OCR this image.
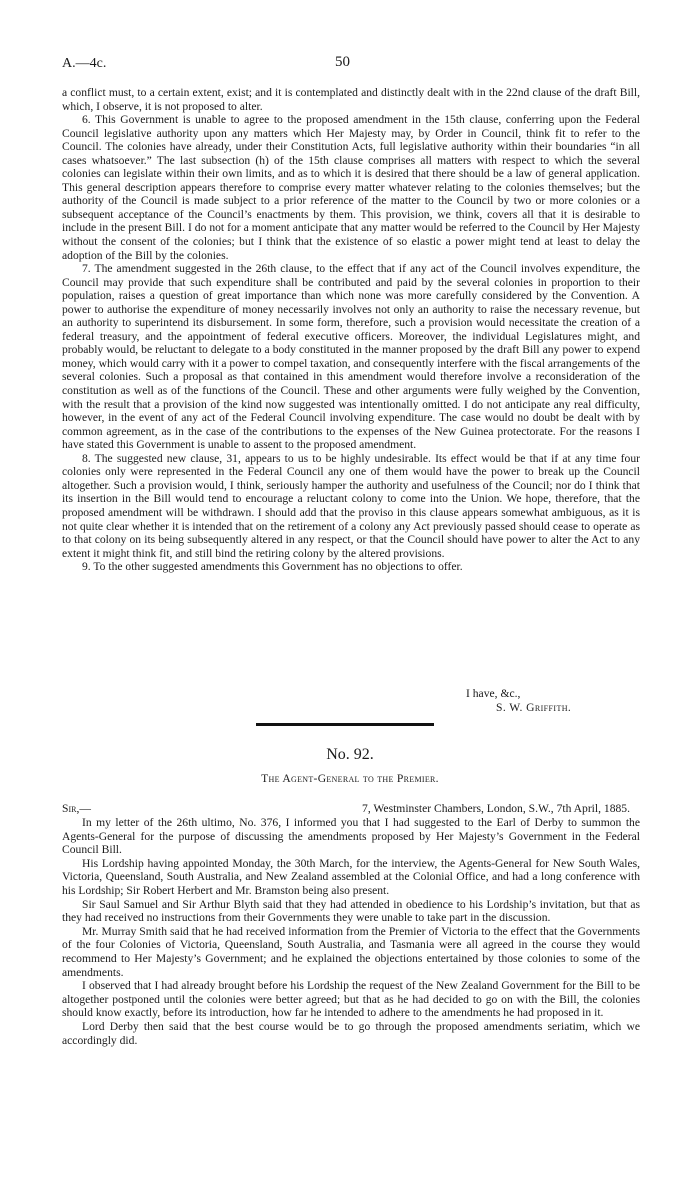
A.—4c.	50

a conflict must, to a certain extent, exist; and it is contemplated and distinctly dealt with in the 22nd clause of the draft Bill, which, I observe, it is not proposed to alter.

6. This Government is unable to agree to the proposed amendment in the 15th clause, conferring upon the Federal Council legislative authority upon any matters which Her Majesty may, by Order in Council, think fit to refer to the Council. The colonies have already, under their Constitution Acts, full legislative authority within their boundaries “in all cases whatsoever.” The last subsection (h) of the 15th clause comprises all matters with respect to which the several colonies can legislate within their own limits, and as to which it is desired that there should be a law of general application. This general description appears therefore to comprise every matter whatever relating to the colonies themselves; but the authority of the Council is made subject to a prior reference of the matter to the Council by two or more colonies or a subsequent acceptance of the Council’s enactments by them. This provision, we think, covers all that it is desirable to include in the present Bill. I do not for a moment anticipate that any matter would be referred to the Council by Her Majesty without the consent of the colonies; but I think that the existence of so elastic a power might tend at least to delay the adoption of the Bill by the colonies.

7. The amendment suggested in the 26th clause, to the effect that if any act of the Council involves expenditure, the Council may provide that such expenditure shall be contributed and paid by the several colonies in proportion to their population, raises a question of great importance than which none was more carefully considered by the Convention. A power to authorise the expenditure of money necessarily involves not only an authority to raise the necessary revenue, but an authority to superintend its disbursement. In some form, therefore, such a provision would necessitate the creation of a federal treasury, and the appointment of federal executive officers. Moreover, the individual Legislatures might, and probably would, be reluctant to delegate to a body constituted in the manner proposed by the draft Bill any power to expend money, which would carry with it a power to compel taxation, and consequently interfere with the fiscal arrangements of the several colonies. Such a proposal as that contained in this amendment would therefore involve a reconsideration of the constitution as well as of the functions of the Council. These and other arguments were fully weighed by the Convention, with the result that a provision of the kind now suggested was intentionally omitted. I do not anticipate any real difficulty, however, in the event of any act of the Federal Council involving expenditure. The case would no doubt be dealt with by common agreement, as in the case of the contributions to the expenses of the New Guinea protectorate. For the reasons I have stated this Government is unable to assent to the proposed amendment.

8. The suggested new clause, 31, appears to us to be highly undesirable. Its effect would be that if at any time four colonies only were represented in the Federal Council any one of them would have the power to break up the Council altogether. Such a provision would, I think, seriously hamper the authority and usefulness of the Council; nor do I think that its insertion in the Bill would tend to encourage a reluctant colony to come into the Union. We hope, therefore, that the proposed amendment will be withdrawn. I should add that the proviso in this clause appears somewhat ambiguous, as it is not quite clear whether it is intended that on the retirement of a colony any Act previously passed should cease to operate as to that colony on its being subsequently altered in any respect, or that the Council should have power to alter the Act to any extent it might think fit, and still bind the retiring colony by the altered provisions.

9. To the other suggested amendments this Government has no objections to offer.

I have, &c.,
S. W. Griffith.
No. 92.
The Agent-General to the Premier.
Sir,—	7, Westminster Chambers, London, S.W., 7th April, 1885.

In my letter of the 26th ultimo, No. 376, I informed you that I had suggested to the Earl of Derby to summon the Agents-General for the purpose of discussing the amendments proposed by Her Majesty’s Government in the Federal Council Bill.

His Lordship having appointed Monday, the 30th March, for the interview, the Agents-General for New South Wales, Victoria, Queensland, South Australia, and New Zealand assembled at the Colonial Office, and had a long conference with his Lordship; Sir Robert Herbert and Mr. Bramston being also present.

Sir Saul Samuel and Sir Arthur Blyth said that they had attended in obedience to his Lordship’s invitation, but that as they had received no instructions from their Governments they were unable to take part in the discussion.

Mr. Murray Smith said that he had received information from the Premier of Victoria to the effect that the Governments of the four Colonies of Victoria, Queensland, South Australia, and Tasmania were all agreed in the course they would recommend to Her Majesty’s Government; and he explained the objections entertained by those colonies to some of the amendments.

I observed that I had already brought before his Lordship the request of the New Zealand Government for the Bill to be altogether postponed until the colonies were better agreed; but that as he had decided to go on with the Bill, the colonies should know exactly, before its introduction, how far he intended to adhere to the amendments he had proposed in it.

Lord Derby then said that the best course would be to go through the proposed amendments seriatim, which we accordingly did.
